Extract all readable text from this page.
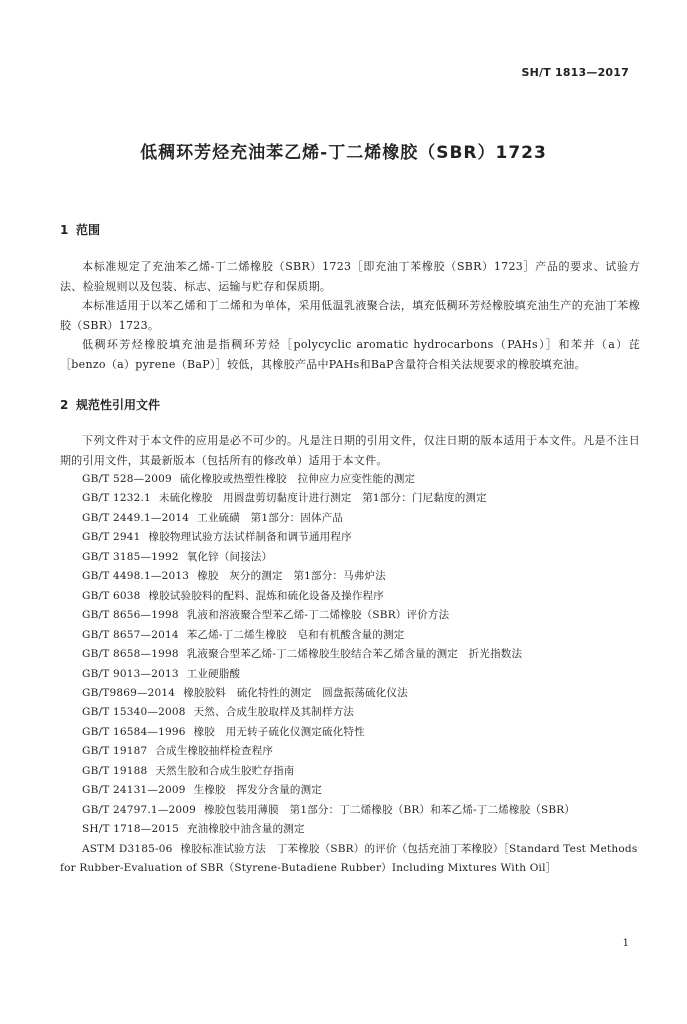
SH/T 1813—2017
低稠环芳烃充油苯乙烯-丁二烯橡胶（SBR）1723
1 范围

本标准规定了充油苯乙烯-丁二烯橡胶（SBR）1723［即充油丁苯橡胶（SBR）1723］产品的要求、试验方法、检验规则以及包装、标志、运输与贮存和保质期。

本标准适用于以苯乙烯和丁二烯和为单体，采用低温乳液聚合法，填充低稠环芳烃橡胶填充油生产的充油丁苯橡胶（SBR）1723。

低稠环芳烃橡胶填充油是指稠环芳烃［polycyclic aromatic hydrocarbons（PAHs）］和苯并（a）芘［benzo（a）pyrene（BaP）］较低，其橡胶产品中PAHs和BaP含量符合相关法规要求的橡胶填充油。

2 规范性引用文件

下列文件对于本文件的应用是必不可少的。凡是注日期的引用文件，仅注日期的版本适用于本文件。凡是不注日期的引用文件，其最新版本（包括所有的修改单）适用于本文件。

GB/T 528—2009 硫化橡胶或热塑性橡胶　拉伸应力应变性能的测定
GB/T 1232.1 未硫化橡胶　用圆盘剪切黏度计进行测定　第1部分：门尼黏度的测定
GB/T 2449.1—2014 工业硫磺　第1部分：固体产品
GB/T 2941 橡胶物理试验方法试样制备和调节通用程序
GB/T 3185—1992 氧化锌（间接法）
GB/T 4498.1—2013 橡胶　灰分的测定　第1部分：马弗炉法
GB/T 6038 橡胶试验胶料的配料、混炼和硫化设备及操作程序
GB/T 8656—1998 乳液和溶液聚合型苯乙烯-丁二烯橡胶（SBR）评价方法
GB/T 8657—2014 苯乙烯-丁二烯生橡胶　皂和有机酸含量的测定
GB/T 8658—1998 乳液聚合型苯乙烯-丁二烯橡胶生胶结合苯乙烯含量的测定　折光指数法
GB/T 9013—2013 工业硬脂酸
GB/T9869—2014 橡胶胶料　硫化特性的测定　圆盘振荡硫化仪法
GB/T 15340—2008 天然、合成生胶取样及其制样方法
GB/T 16584—1996 橡胶　用无转子硫化仪测定硫化特性
GB/T 19187 合成生橡胶抽样检查程序
GB/T 19188 天然生胶和合成生胶贮存指南
GB/T 24131—2009 生橡胶　挥发分含量的测定
GB/T 24797.1—2009 橡胶包装用薄膜　第1部分：丁二烯橡胶（BR）和苯乙烯-丁二烯橡胶（SBR）
SH/T 1718—2015 充油橡胶中油含量的测定
ASTM D3185-06 橡胶标准试验方法　丁苯橡胶（SBR）的评价（包括充油丁苯橡胶）［Standard Test Methods for Rubber-Evaluation of SBR（Styrene-Butadiene Rubber）Including Mixtures With Oil］
1
